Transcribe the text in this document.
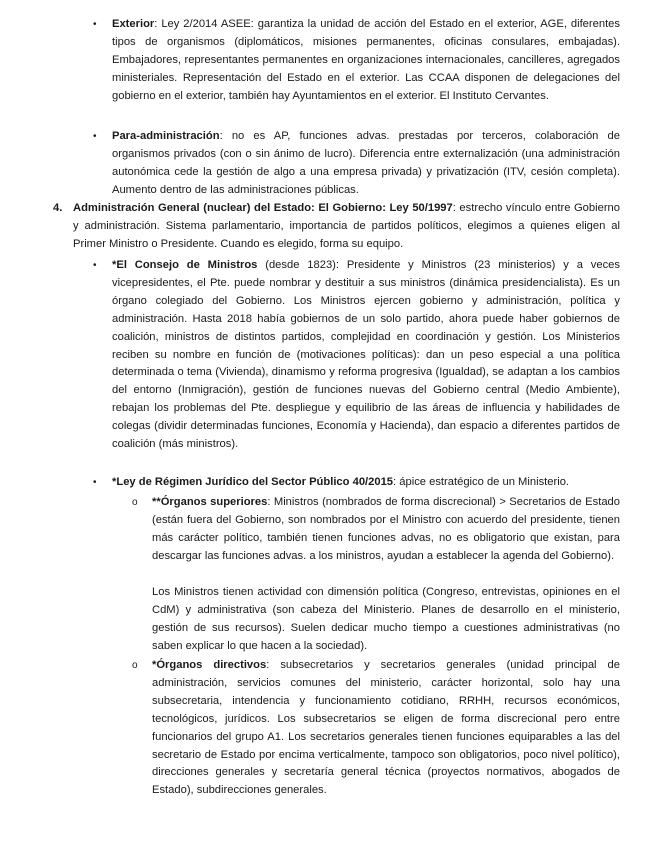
• Exterior: Ley 2/2014 ASEE: garantiza la unidad de acción del Estado en el exterior, AGE, diferentes tipos de organismos (diplomáticos, misiones permanentes, oficinas consulares, embajadas). Embajadores, representantes permanentes en organizaciones internacionales, cancilleres, agregados ministeriales. Representación del Estado en el exterior. Las CCAA disponen de delegaciones del gobierno en el exterior, también hay Ayuntamientos en el exterior. El Instituto Cervantes.

• Para-administración: no es AP, funciones advas. prestadas por terceros, colaboración de organismos privados (con o sin ánimo de lucro). Diferencia entre externalización (una administración autonómica cede la gestión de algo a una empresa privada) y privatización (ITV, cesión completa). Aumento dentro de las administraciones públicas.

4. Administración General (nuclear) del Estado: El Gobierno: Ley 50/1997: estrecho vínculo entre Gobierno y administración. Sistema parlamentario, importancia de partidos políticos, elegimos a quienes eligen al Primer Ministro o Presidente. Cuando es elegido, forma su equipo.

• *El Consejo de Ministros (desde 1823): Presidente y Ministros (23 ministerios) y a veces vicepresidentes, el Pte. puede nombrar y destituir a sus ministros (dinámica presidencialista). Es un órgano colegiado del Gobierno. Los Ministros ejercen gobierno y administración, política y administración. Hasta 2018 había gobiernos de un solo partido, ahora puede haber gobiernos de coalición, ministros de distintos partidos, complejidad en coordinación y gestión. Los Ministerios reciben su nombre en función de (motivaciones políticas): dan un peso especial a una política determinada o tema (Vivienda), dinamismo y reforma progresiva (Igualdad), se adaptan a los cambios del entorno (Inmigración), gestión de funciones nuevas del Gobierno central (Medio Ambiente), rebajan los problemas del Pte. despliegue y equilibrio de las áreas de influencia y habilidades de colegas (dividir determinadas funciones, Economía y Hacienda), dan espacio a diferentes partidos de coalición (más ministros).

• *Ley de Régimen Jurídico del Sector Público 40/2015: ápice estratégico de un Ministerio.

o **Órganos superiores: Ministros (nombrados de forma discrecional) > Secretarios de Estado (están fuera del Gobierno, son nombrados por el Ministro con acuerdo del presidente, tienen más carácter político, también tienen funciones advas, no es obligatorio que existan, para descargar las funciones advas. a los ministros, ayudan a establecer la agenda del Gobierno).

Los Ministros tienen actividad con dimensión política (Congreso, entrevistas, opiniones en el CdM) y administrativa (son cabeza del Ministerio. Planes de desarrollo en el ministerio, gestión de sus recursos). Suelen dedicar mucho tiempo a cuestiones administrativas (no saben explicar lo que hacen a la sociedad).

o *Órganos directivos: subsecretarios y secretarios generales (unidad principal de administración, servicios comunes del ministerio, carácter horizontal, solo hay una subsecretaria, intendencia y funcionamiento cotidiano, RRHH, recursos económicos, tecnológicos, jurídicos. Los subsecretarios se eligen de forma discrecional pero entre funcionarios del grupo A1. Los secretarios generales tienen funciones equiparables a las del secretario de Estado por encima verticalmente, tampoco son obligatorios, poco nivel político), direcciones generales y secretaría general técnica (proyectos normativos, abogados de Estado), subdirecciones generales.
